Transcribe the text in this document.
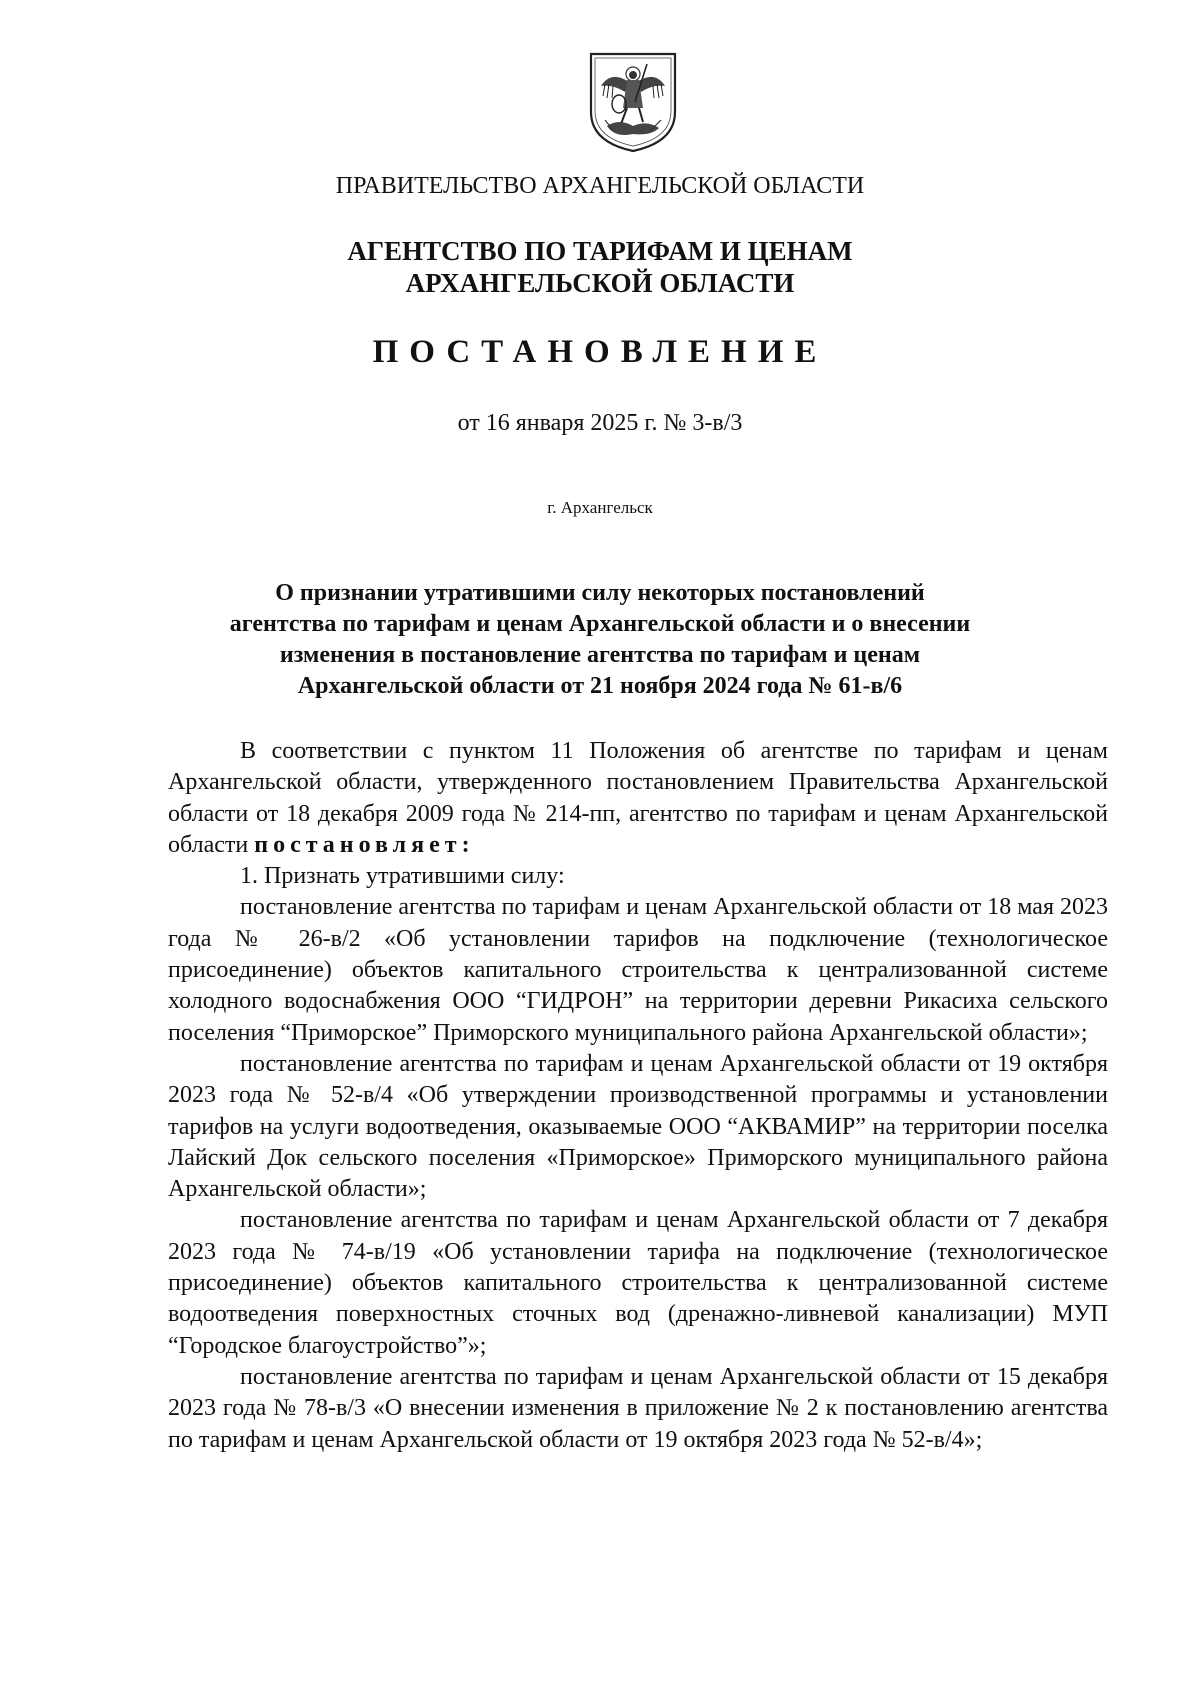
ПРАВИТЕЛЬСТВО АРХАНГЕЛЬСКОЙ ОБЛАСТИ
АГЕНТСТВО ПО ТАРИФАМ И ЦЕНАМ
АРХАНГЕЛЬСКОЙ ОБЛАСТИ
ПОСТАНОВЛЕНИЕ
от 16 января 2025 г. № 3-в/3
г. Архангельск
О признании утратившими силу некоторых постановлений
агентства по тарифам и ценам Архангельской области и о внесении
изменения в постановление агентства по тарифам и ценам
Архангельской области от 21 ноября 2024 года № 61-в/6

В соответствии с пунктом 11 Положения об агентстве по тарифам и ценам Архангельской области, утвержденного постановлением Правительства Архангельской области от 18 декабря 2009 года № 214-пп, агентство по тарифам и ценам Архангельской области постановляет:

1. Признать утратившими силу:

постановление агентства по тарифам и ценам Архангельской области от 18 мая 2023 года № 26-в/2 «Об установлении тарифов на подключение (технологическое присоединение) объектов капитального строительства к централизованной системе холодного водоснабжения ООО “ГИДРОН” на территории деревни Рикасиха сельского поселения “Приморское” Приморского муниципального района Архангельской области»;

постановление агентства по тарифам и ценам Архангельской области от 19 октября 2023 года № 52-в/4 «Об утверждении производственной программы и установлении тарифов на услуги водоотведения, оказываемые ООО “АКВАМИР” на территории поселка Лайский Док сельского поселения «Приморское» Приморского муниципального района Архангельской области»;

постановление агентства по тарифам и ценам Архангельской области от 7 декабря 2023 года № 74-в/19 «Об установлении тарифа на подключение (технологическое присоединение) объектов капитального строительства к централизованной системе водоотведения поверхностных сточных вод (дренажно-ливневой канализации) МУП “Городское благоустройство”»;

постановление агентства по тарифам и ценам Архангельской области от 15 декабря 2023 года № 78-в/3 «О внесении изменения в приложение № 2 к постановлению агентства по тарифам и ценам Архангельской области от 19 октября 2023 года № 52-в/4»;
